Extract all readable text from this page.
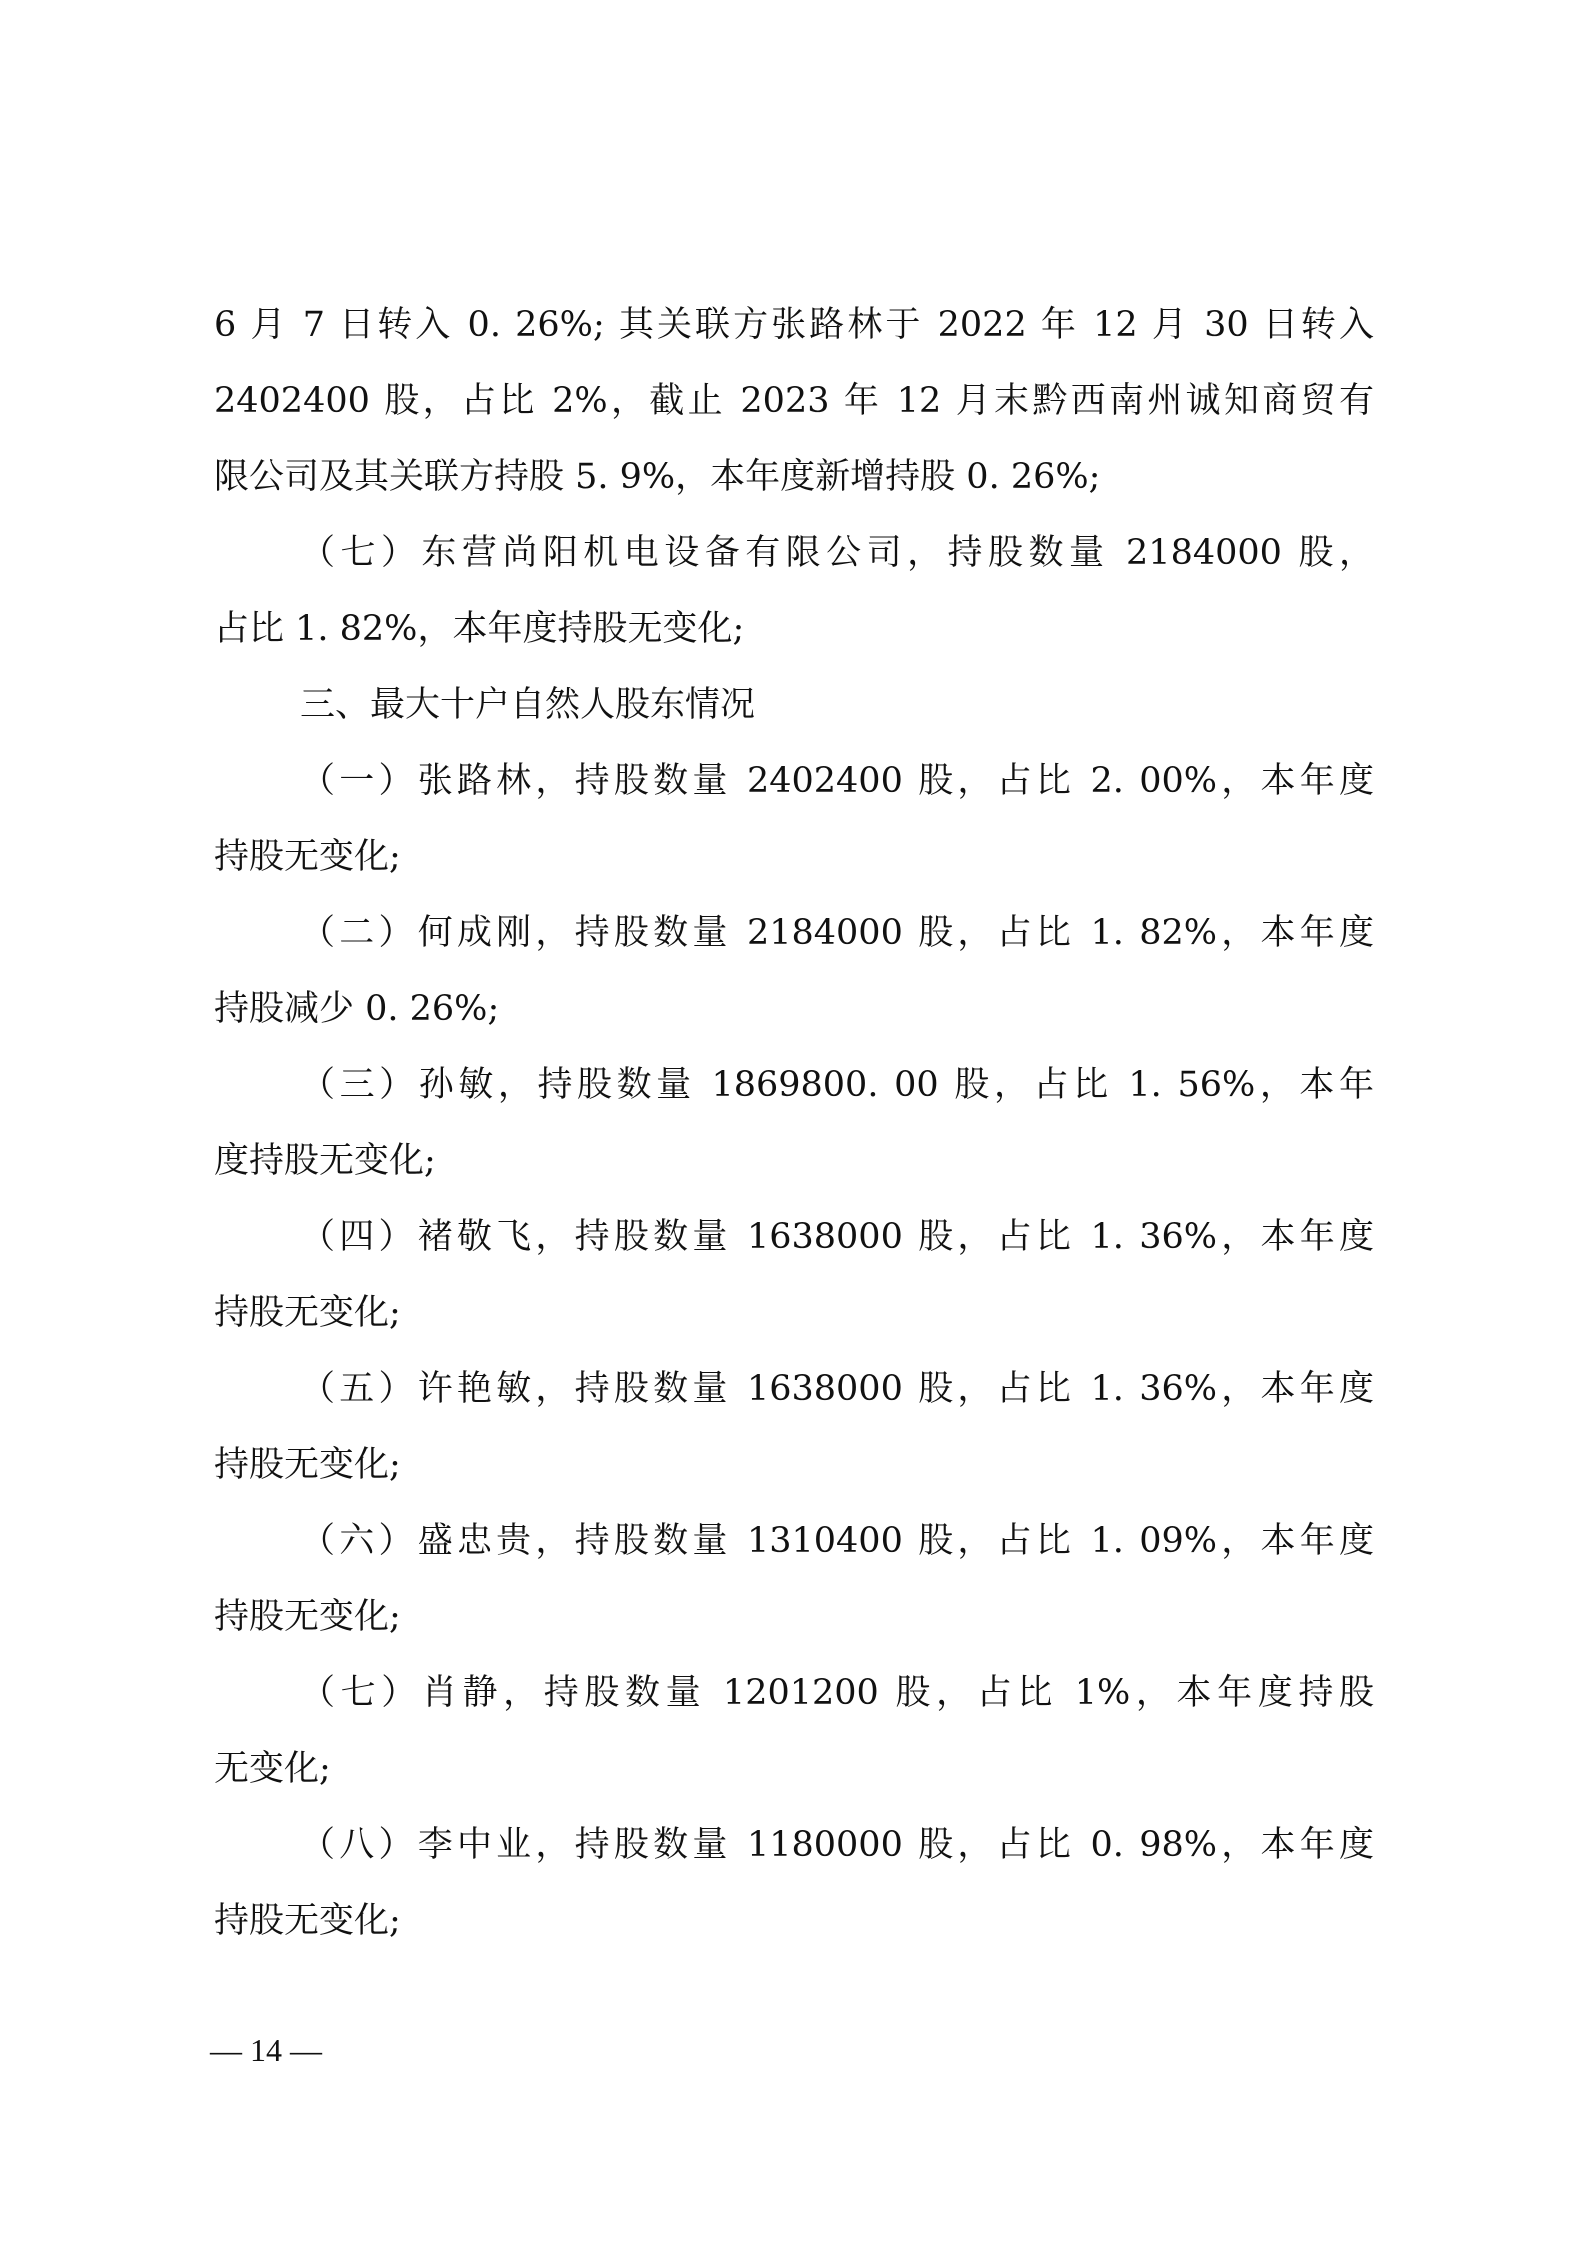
6 月 7 日转入 0. 26%; 其关联方张路林于 2022 年 12 月 30 日转入
2402400 股，占比 2%，截止 2023 年 12 月末黔西南州诚知商贸有
限公司及其关联方持股 5. 9%，本年度新增持股 0. 26%;
（七）东营尚阳机电设备有限公司，持股数量 2184000 股，
占比 1. 82%，本年度持股无变化;
三、最大十户自然人股东情况
（一）张路林，持股数量 2402400 股，占比 2. 00%，本年度
持股无变化;
（二）何成刚，持股数量 2184000 股，占比 1. 82%，本年度
持股减少 0. 26%;
（三）孙敏，持股数量 1869800. 00 股，占比 1. 56%，本年
度持股无变化;
（四）褚敬飞，持股数量 1638000 股，占比 1. 36%，本年度
持股无变化;
（五）许艳敏，持股数量 1638000 股，占比 1. 36%，本年度
持股无变化;
（六）盛忠贵，持股数量 1310400 股，占比 1. 09%，本年度
持股无变化;
（七）肖静，持股数量 1201200 股，占比 1%，本年度持股
无变化;
（八）李中业，持股数量 1180000 股，占比 0. 98%，本年度
持股无变化;
— 14 —
